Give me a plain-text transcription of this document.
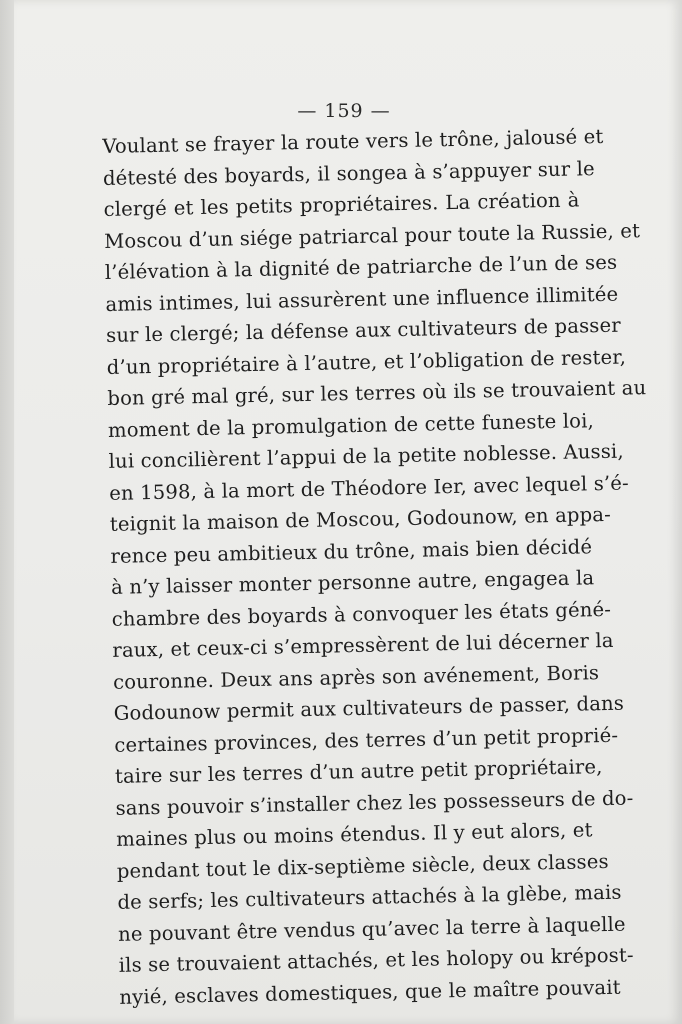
— 159 —
Voulant se frayer la route vers le trône, jalousé et
détesté des boyards, il songea à s’appuyer sur le
clergé et les petits propriétaires. La création à
Moscou d’un siége patriarcal pour toute la Russie, et
l’élévation à la dignité de patriarche de l’un de ses
amis intimes, lui assurèrent une influence illimitée
sur le clergé; la défense aux cultivateurs de passer
d’un propriétaire à l’autre, et l’obligation de rester,
bon gré mal gré, sur les terres où ils se trouvaient au
moment de la promulgation de cette funeste loi,
lui concilièrent l’appui de la petite noblesse. Aussi,
en 1598, à la mort de Théodore Ier, avec lequel s’é-
teignit la maison de Moscou, Godounow, en appa-
rence peu ambitieux du trône, mais bien décidé
à n’y laisser monter personne autre, engagea la
chambre des boyards à convoquer les états géné-
raux, et ceux-ci s’empressèrent de lui décerner la
couronne. Deux ans après son avénement, Boris
Godounow permit aux cultivateurs de passer, dans
certaines provinces, des terres d’un petit proprié-
taire sur les terres d’un autre petit propriétaire,
sans pouvoir s’installer chez les possesseurs de do-
maines plus ou moins étendus. Il y eut alors, et
pendant tout le dix-septième siècle, deux classes
de serfs; les cultivateurs attachés à la glèbe, mais
ne pouvant être vendus qu’avec la terre à laquelle
ils se trouvaient attachés, et les holopy ou krépost-
nyié, esclaves domestiques, que le maître pouvait
